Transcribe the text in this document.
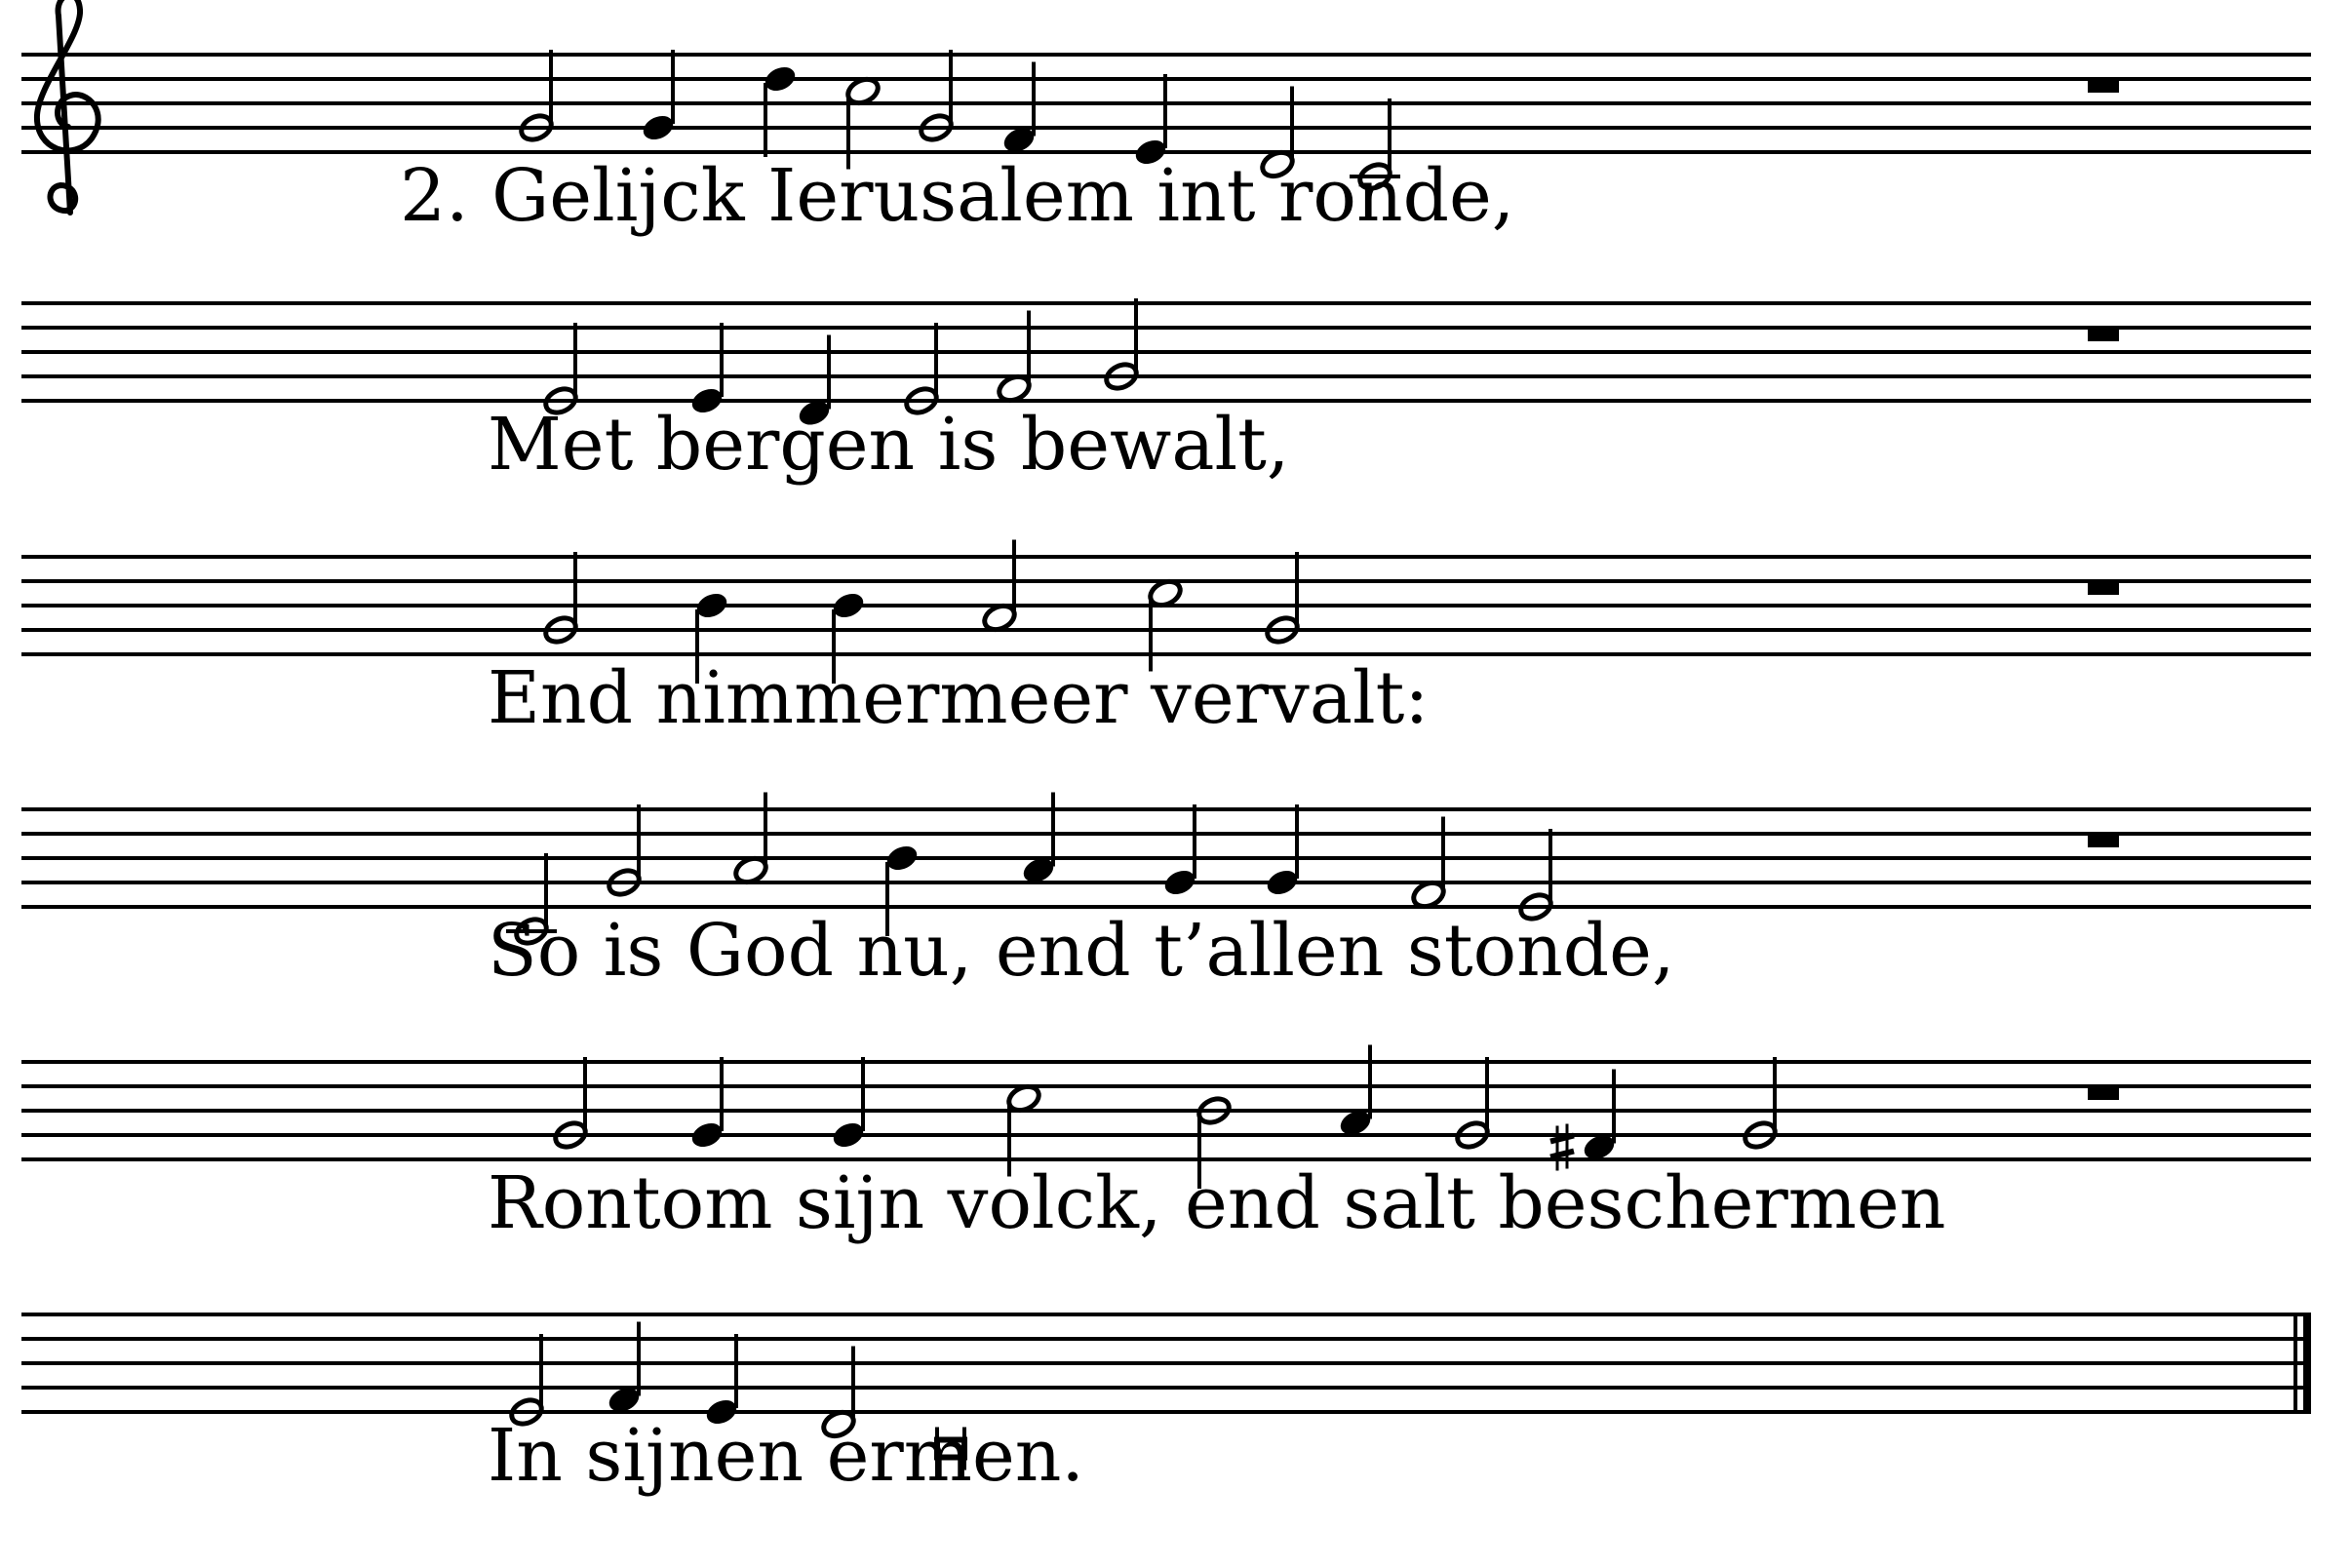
2. Gelijck Ierusalem int ronde,
Met bergen is bewalt,
End nimmermeer vervalt:
So is God nu, end t’allen stonde,
Rontom sijn volck, end salt beschermen
In sijnen ermen.
